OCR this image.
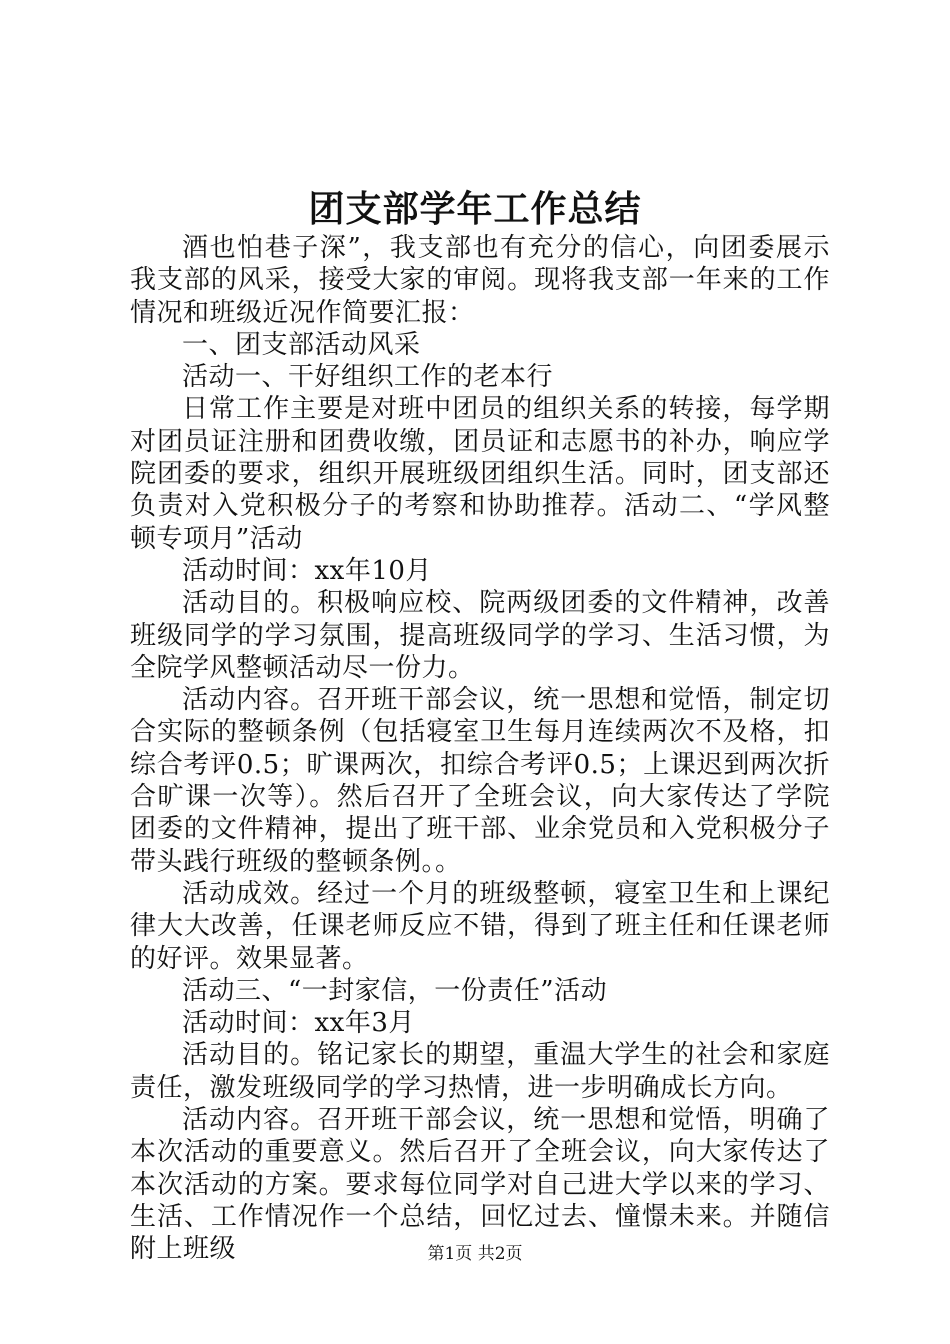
团支部学年工作总结

酒也怕巷子深”，我支部也有充分的信心，向团委展示我支部的风采，接受大家的审阅。现将我支部一年来的工作情况和班级近况作简要汇报：

一、团支部活动风采

活动一、干好组织工作的老本行

日常工作主要是对班中团员的组织关系的转接，每学期对团员证注册和团费收缴，团员证和志愿书的补办，响应学院团委的要求，组织开展班级团组织生活。同时，团支部还负责对入党积极分子的考察和协助推荐。活动二、“学风整顿专项月”活动

活动时间：xx年10月

活动目的。积极响应校、院两级团委的文件精神，改善班级同学的学习氛围，提高班级同学的学习、生活习惯，为全院学风整顿活动尽一份力。

活动内容。召开班干部会议，统一思想和觉悟，制定切合实际的整顿条例（包括寝室卫生每月连续两次不及格，扣综合考评0.5；旷课两次，扣综合考评0.5；上课迟到两次折合旷课一次等）。然后召开了全班会议，向大家传达了学院团委的文件精神，提出了班干部、业余党员和入党积极分子带头践行班级的整顿条例。。

活动成效。经过一个月的班级整顿，寝室卫生和上课纪律大大改善，任课老师反应不错，得到了班主任和任课老师的好评。效果显著。

活动三、“一封家信，一份责任”活动

活动时间：xx年3月

活动目的。铭记家长的期望，重温大学生的社会和家庭责任，激发班级同学的学习热情，进一步明确成长方向。

活动内容。召开班干部会议，统一思想和觉悟，明确了本次活动的重要意义。然后召开了全班会议，向大家传达了本次活动的方案。要求每位同学对自己进大学以来的学习、生活、工作情况作一个总结，回忆过去、憧憬未来。并随信附上班级	第1页 共2页
